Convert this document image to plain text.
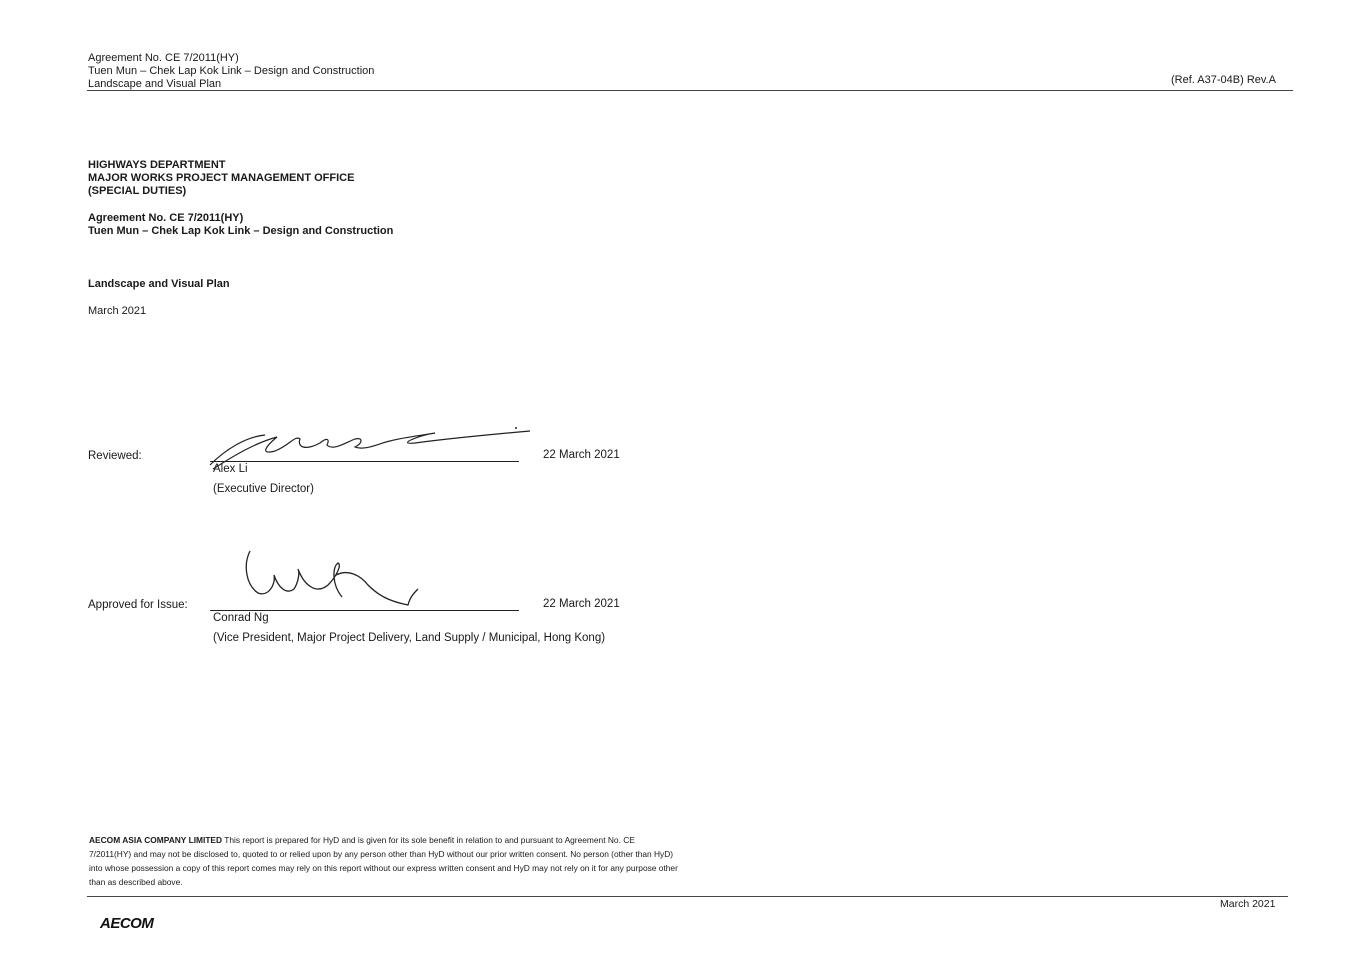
Agreement No. CE 7/2011(HY)
Tuen Mun – Chek Lap Kok Link – Design and Construction
Landscape and Visual Plan	(Ref. A37-04B) Rev.A
HIGHWAYS DEPARTMENT
MAJOR WORKS PROJECT MANAGEMENT OFFICE
(SPECIAL DUTIES)
Agreement No. CE 7/2011(HY)
Tuen Mun – Chek Lap Kok Link – Design and Construction
Landscape and Visual Plan
March 2021
Reviewed:
Alex Li
(Executive Director)
22 March 2021
Approved for Issue:
Conrad Ng
(Vice President, Major Project Delivery, Land Supply / Municipal, Hong Kong)
22 March 2021
AECOM ASIA COMPANY LIMITED This report is prepared for HyD and is given for its sole benefit in relation to and pursuant to Agreement No. CE 7/2011(HY) and may not be disclosed to, quoted to or relied upon by any person other than HyD without our prior written consent. No person (other than HyD) into whose possession a copy of this report comes may rely on this report without our express written consent and HyD may not rely on it for any purpose other than as described above.
March 2021
AECOM
